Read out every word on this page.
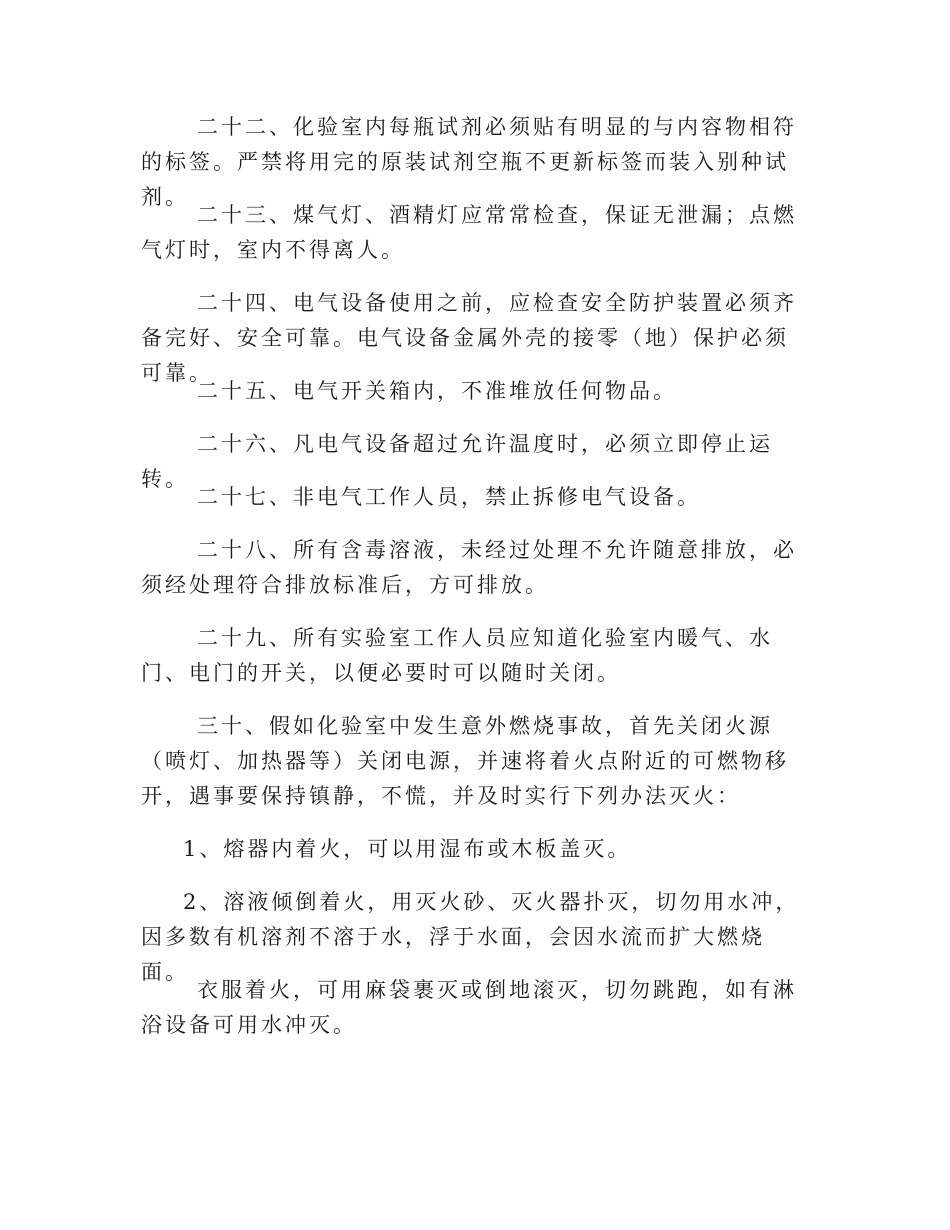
二十二、化验室内每瓶试剂必须贴有明显的与内容物相符的标签。严禁将用完的原装试剂空瓶不更新标签而装入别种试剂。

二十三、煤气灯、酒精灯应常常检查，保证无泄漏；点燃气灯时，室内不得离人。

二十四、电气设备使用之前，应检查安全防护装置必须齐备完好、安全可靠。电气设备金属外壳的接零（地）保护必须可靠。

二十五、电气开关箱内，不准堆放任何物品。

二十六、凡电气设备超过允许温度时，必须立即停止运转。

二十七、非电气工作人员，禁止拆修电气设备。

二十八、所有含毒溶液，未经过处理不允许随意排放，必须经处理符合排放标准后，方可排放。

二十九、所有实验室工作人员应知道化验室内暖气、水门、电门的开关，以便必要时可以随时关闭。

三十、假如化验室中发生意外燃烧事故，首先关闭火源（喷灯、加热器等）关闭电源，并速将着火点附近的可燃物移开，遇事要保持镇静，不慌，并及时实行下列办法灭火：

1、熔器内着火，可以用湿布或木板盖灭。

2、溶液倾倒着火，用灭火砂、灭火器扑灭，切勿用水冲，因多数有机溶剂不溶于水，浮于水面，会因水流而扩大燃烧面。

衣服着火，可用麻袋裹灭或倒地滚灭，切勿跳跑，如有淋浴设备可用水冲灭。
